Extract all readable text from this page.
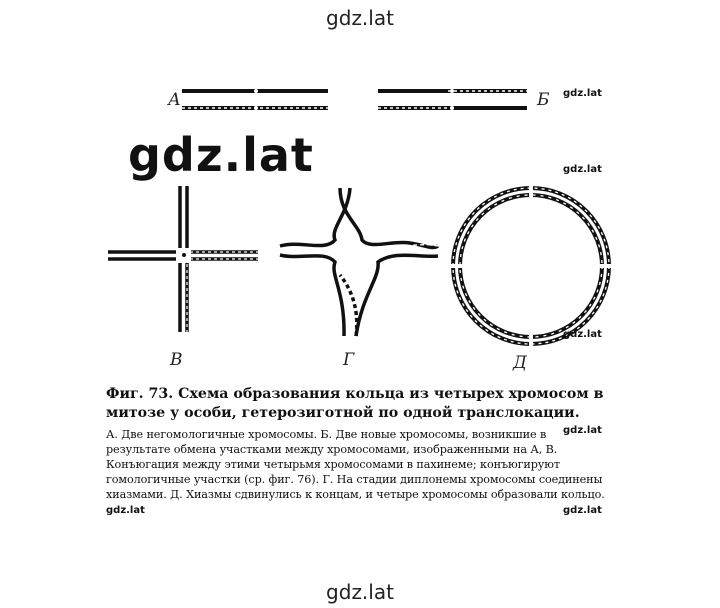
gdz.lat
А	Б
В	Г	Д

Фиг. 73. Схема образования кольца из четырех хромосом в митозе у особи, гетерозиготной по одной транслокации.

А. Две негомологичные хромосомы. Б. Две новые хромосомы, возникшие в результате обмена участками между хромосомами, изображенными на А, В. Конъюгация между этими четырьмя хромосомами в пахинеме; конъюгируют гомологичные участки (ср. фиг. 76). Г. На стадии диплонемы хромосомы соединены хиазмами. Д. Хиазмы сдвинулись к концам, и четыре хромосомы образовали кольцо.

gdz.lat
gdz.lat
gdz.lat
gdz.lat
gdz.lat
gdz.lat	gdz.lat
gdz.lat
